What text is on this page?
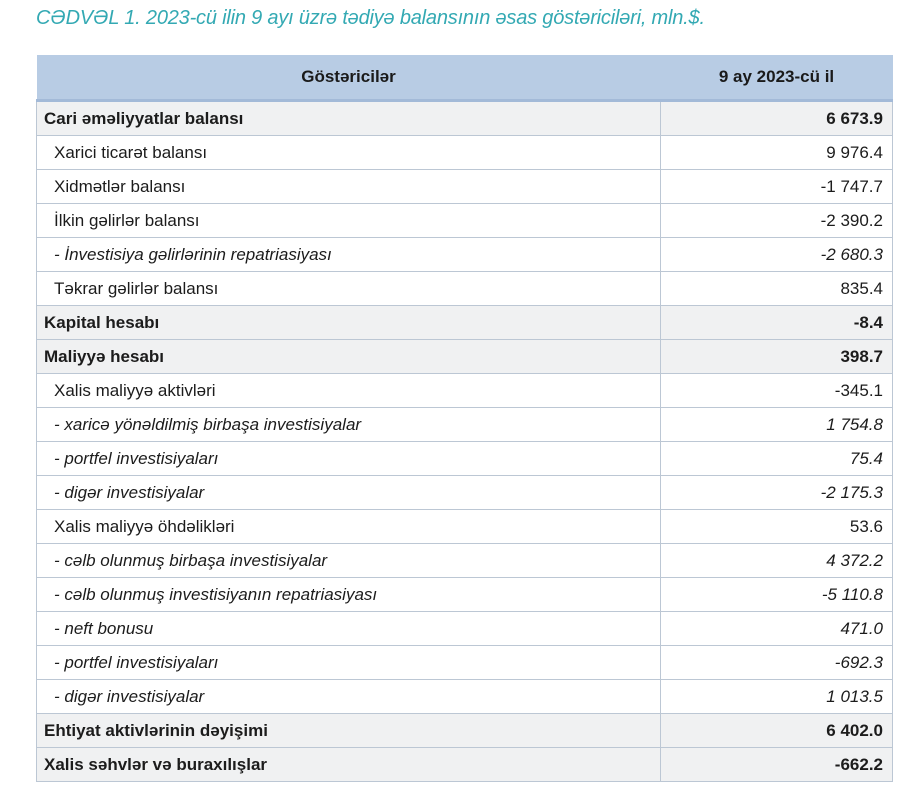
CƏDVƏL 1. 2023-cü ilin 9 ayı üzrə tədiyə balansının əsas göstəriciləri, mln.$.
Göstəricilər	9 ay 2023-cü il
Cari əməliyyatlar balansı	6 673.9
Xarici ticarət balansı	9 976.4
Xidmətlər balansı	-1 747.7
İlkin gəlirlər balansı	-2 390.2
- İnvestisiya gəlirlərinin repatriasiyası	-2 680.3
Təkrar gəlirlər balansı	835.4
Kapital hesabı	-8.4
Maliyyə hesabı	398.7
Xalis maliyyə aktivləri	-345.1
- xaricə yönəldilmiş birbaşa investisiyalar	1 754.8
- portfel investisiyaları	75.4
- digər investisiyalar	-2 175.3
Xalis maliyyə öhdəlikləri	53.6
- cəlb olunmuş birbaşa investisiyalar	4 372.2
- cəlb olunmuş investisiyanın repatriasiyası	-5 110.8
- neft bonusu	471.0
- portfel investisiyaları	-692.3
- digər investisiyalar	1 013.5
Ehtiyat aktivlərinin dəyişimi	6 402.0
Xalis səhvlər və buraxılışlar	-662.2
